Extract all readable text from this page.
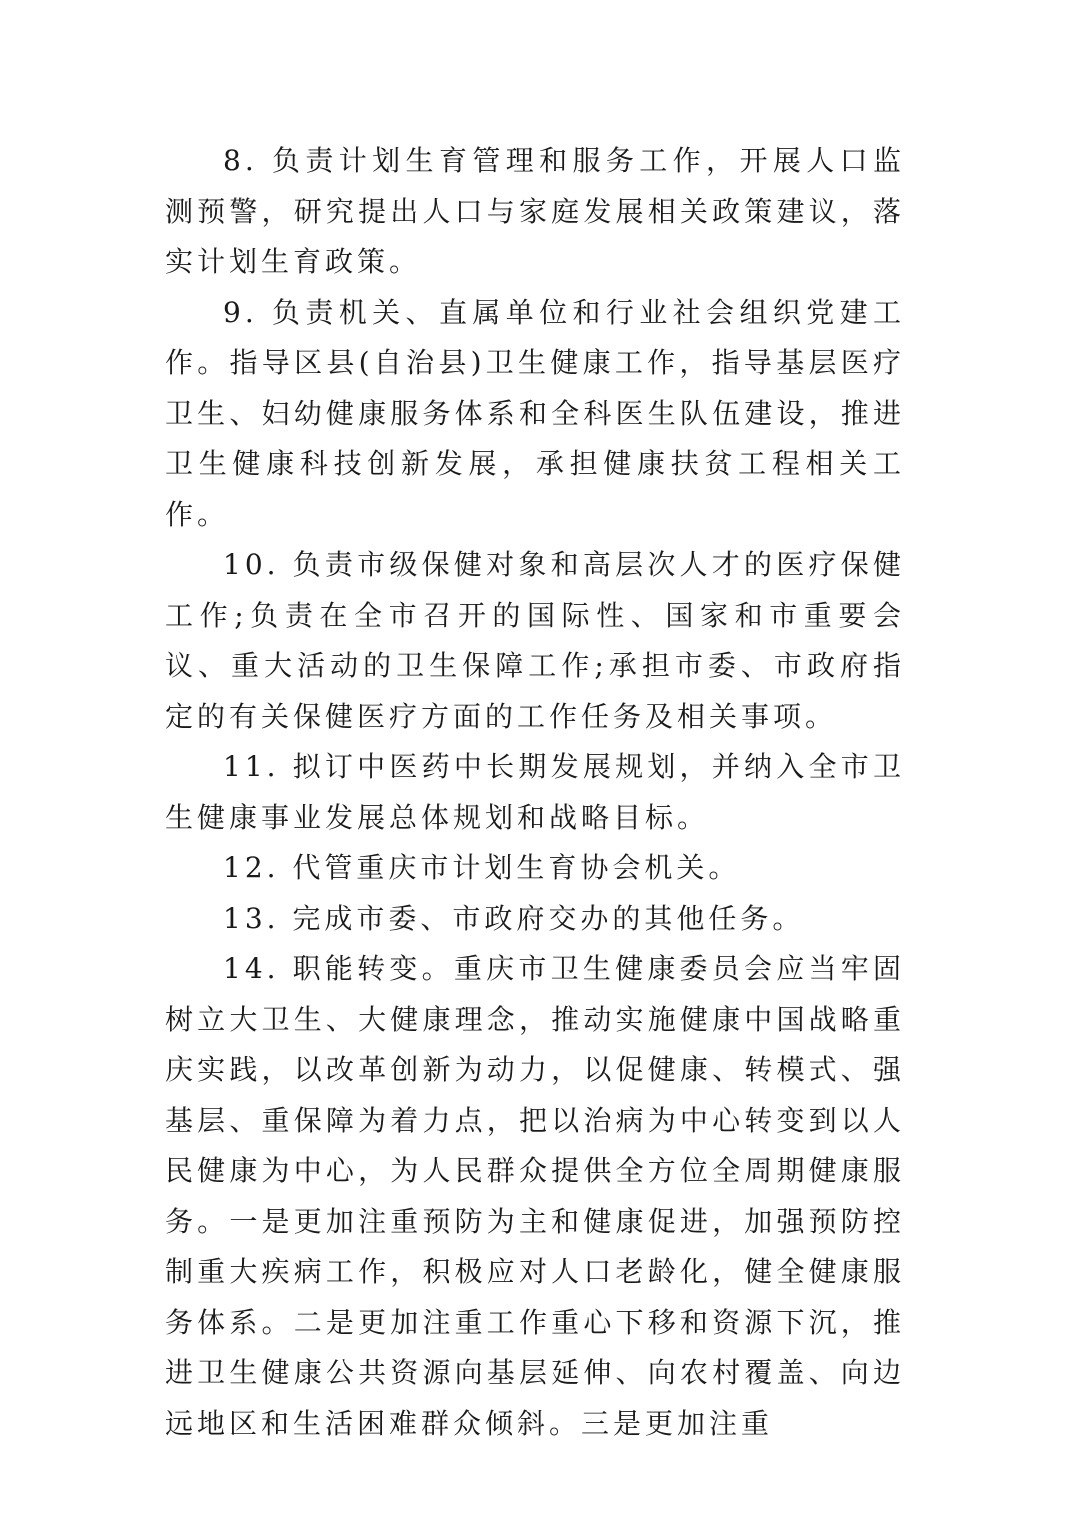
8. 负责计划生育管理和服务工作，开展人口监测预警，研究提出人口与家庭发展相关政策建议，落实计划生育政策。

9. 负责机关、直属单位和行业社会组织党建工作。指导区县(自治县)卫生健康工作，指导基层医疗卫生、妇幼健康服务体系和全科医生队伍建设，推进卫生健康科技创新发展，承担健康扶贫工程相关工作。

10. 负责市级保健对象和高层次人才的医疗保健工作;负责在全市召开的国际性、国家和市重要会议、重大活动的卫生保障工作;承担市委、市政府指定的有关保健医疗方面的工作任务及相关事项。

11. 拟订中医药中长期发展规划，并纳入全市卫生健康事业发展总体规划和战略目标。

12. 代管重庆市计划生育协会机关。

13. 完成市委、市政府交办的其他任务。

14. 职能转变。重庆市卫生健康委员会应当牢固树立大卫生、大健康理念，推动实施健康中国战略重庆实践，以改革创新为动力，以促健康、转模式、强基层、重保障为着力点，把以治病为中心转变到以人民健康为中心，为人民群众提供全方位全周期健康服务。一是更加注重预防为主和健康促进，加强预防控制重大疾病工作，积极应对人口老龄化，健全健康服务体系。二是更加注重工作重心下移和资源下沉，推进卫生健康公共资源向基层延伸、向农村覆盖、向边远地区和生活困难群众倾斜。三是更加注重
